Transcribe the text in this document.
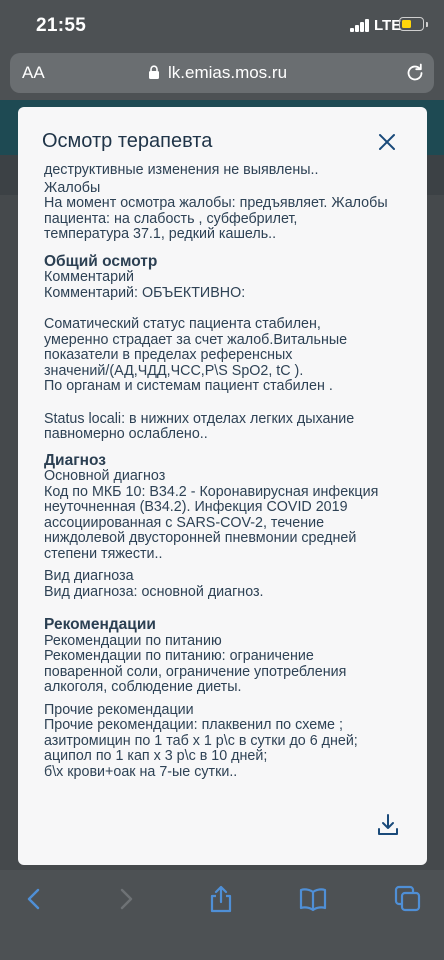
21:55	LTE
AA	lk.emias.mos.ru
Осмотр терапевта

деструктивные изменения не выявлены..

Жалобы

На момент осмотра жалобы: предъявляет. Жалобы
пациента: на слабость , субфебрилет,
температура 37.1, редкий кашель..

Общий осмотр

Комментарий

Комментарий: ОБЪЕКТИВНО:

Соматический статус пациента стабилен,
умеренно страдает за счет жалоб.Витальные
показатели в пределах референсных
значений/(АД,ЧДД,ЧСС,P\S SpO2, tC ).
По органам и системам пациент стабилен .

Status locali: в нижних отделах легких дыхание
павномерно ослаблено..

Диагноз

Основной диагноз

Код по МКБ 10: B34.2 - Коронавирусная инфекция
неуточненная (B34.2). Инфекция COVID 2019
ассоциированная с SARS-COV-2, течение
ниждолевой двусторонней пневмонии средней
степени тяжести..

Вид диагноза

Вид диагноза: основной диагноз.

Рекомендации

Рекомендации по питанию

Рекомендации по питанию: ограничение
поваренной соли, ограничение употребления
алкоголя, соблюдение диеты.

Прочие рекомендации

Прочие рекомендации: плаквенил по схеме ;
азитромицин по 1 таб х 1 р\с в сутки до 6 дней;
аципол по 1 кап х 3 р\с в 10 дней;
б\х крови+оак на 7-ые сутки..
